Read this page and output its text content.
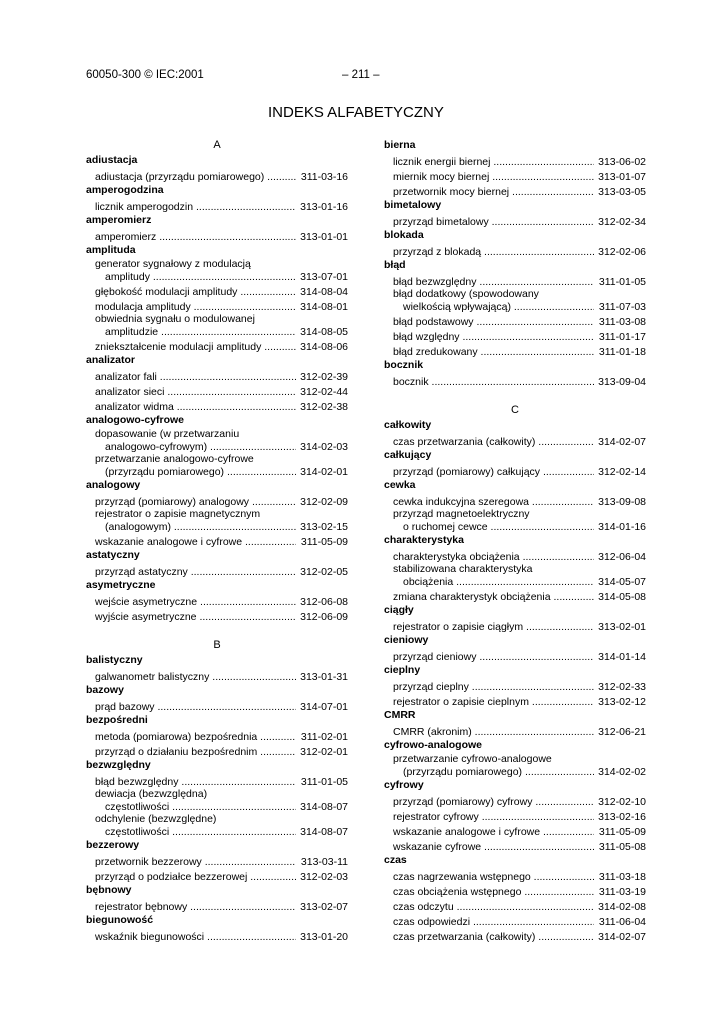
60050-300 © IEC:2001	– 211 –
INDEKS ALFABETYCZNY
A
adiustacja
adiustacja (przyrządu pomiarowego) .....	311-03-16
amperogodzina
licznik amperogodzin .....	313-01-16
amperomierz
amperomierz .....	313-01-01
amplituda
generator sygnałowy z modulacją
amplitudy .....	313-07-01
głębokość modulacji amplitudy .....	314-08-04
modulacja amplitudy .....	314-08-01
obwiednia sygnału o modulowanej
amplitudzie .....	314-08-05
zniekształcenie modulacji amplitudy .....	314-08-06
analizator
analizator fali .....	312-02-39
analizator sieci .....	312-02-44
analizator widma .....	312-02-38
analogowo-cyfrowe
dopasowanie (w przetwarzaniu
analogowo-cyfrowym) .....	314-02-03
przetwarzanie analogowo-cyfrowe
(przyrządu pomiarowego) .....	314-02-01
analogowy
przyrząd (pomiarowy) analogowy .....	312-02-09
rejestrator o zapisie magnetycznym
(analogowym) .....	313-02-15
wskazanie analogowe i cyfrowe .....	311-05-09
astatyczny
przyrząd astatyczny .....	312-02-05
asymetryczne
wejście asymetryczne .....	312-06-08
wyjście asymetryczne .....	312-06-09
B
balistyczny
galwanometr balistyczny .....	313-01-31
bazowy
prąd bazowy .....	314-07-01
bezpośredni
metoda (pomiarowa) bezpośrednia .....	311-02-01
przyrząd o działaniu bezpośrednim .....	312-02-01
bezwzględny
błąd bezwzględny .....	311-01-05
dewiacja (bezwzględna)
częstotliwości .....	314-08-07
odchylenie (bezwzględne)
częstotliwości .....	314-08-07
bezzerowy
przetwornik bezzerowy .....	313-03-11
przyrząd o podziałce bezzerowej .....	312-02-03
bębnowy
rejestrator bębnowy .....	313-02-07
biegunowość
wskaźnik biegunowości .....	313-01-20
bierna
licznik energii biernej .....	313-06-02
miernik mocy biernej .....	313-01-07
przetwornik mocy biernej .....	313-03-05
bimetalowy
przyrząd bimetalowy .....	312-02-34
blokada
przyrząd z blokadą .....	312-02-06
błąd
błąd bezwzględny .....	311-01-05
błąd dodatkowy (spowodowany
wielkością wpływającą) .....	311-07-03
błąd podstawowy .....	311-03-08
błąd względny .....	311-01-17
błąd zredukowany .....	311-01-18
bocznik
bocznik .....	313-09-04
C
całkowity
czas przetwarzania (całkowity) .....	314-02-07
całkujący
przyrząd (pomiarowy) całkujący .....	312-02-14
cewka
cewka indukcyjna szeregowa .....	313-09-08
przyrząd magnetoelektryczny
o ruchomej cewce .....	314-01-16
charakterystyka
charakterystyka obciążenia .....	312-06-04
stabilizowana charakterystyka
obciążenia .....	314-05-07
zmiana charakterystyk obciążenia .....	314-05-08
ciągły
rejestrator o zapisie ciągłym .....	313-02-01
cieniowy
przyrząd cieniowy .....	314-01-14
cieplny
przyrząd cieplny .....	312-02-33
rejestrator o zapisie cieplnym .....	313-02-12
CMRR
CMRR (akronim) .....	312-06-21
cyfrowo-analogowe
przetwarzanie cyfrowo-analogowe
(przyrządu pomiarowego) .....	314-02-02
cyfrowy
przyrząd (pomiarowy) cyfrowy .....	312-02-10
rejestrator cyfrowy .....	313-02-16
wskazanie analogowe i cyfrowe .....	311-05-09
wskazanie cyfrowe .....	311-05-08
czas
czas nagrzewania wstępnego .....	311-03-18
czas obciążenia wstępnego .....	311-03-19
czas odczytu .....	314-02-08
czas odpowiedzi .....	311-06-04
czas przetwarzania (całkowity) .....	314-02-07
